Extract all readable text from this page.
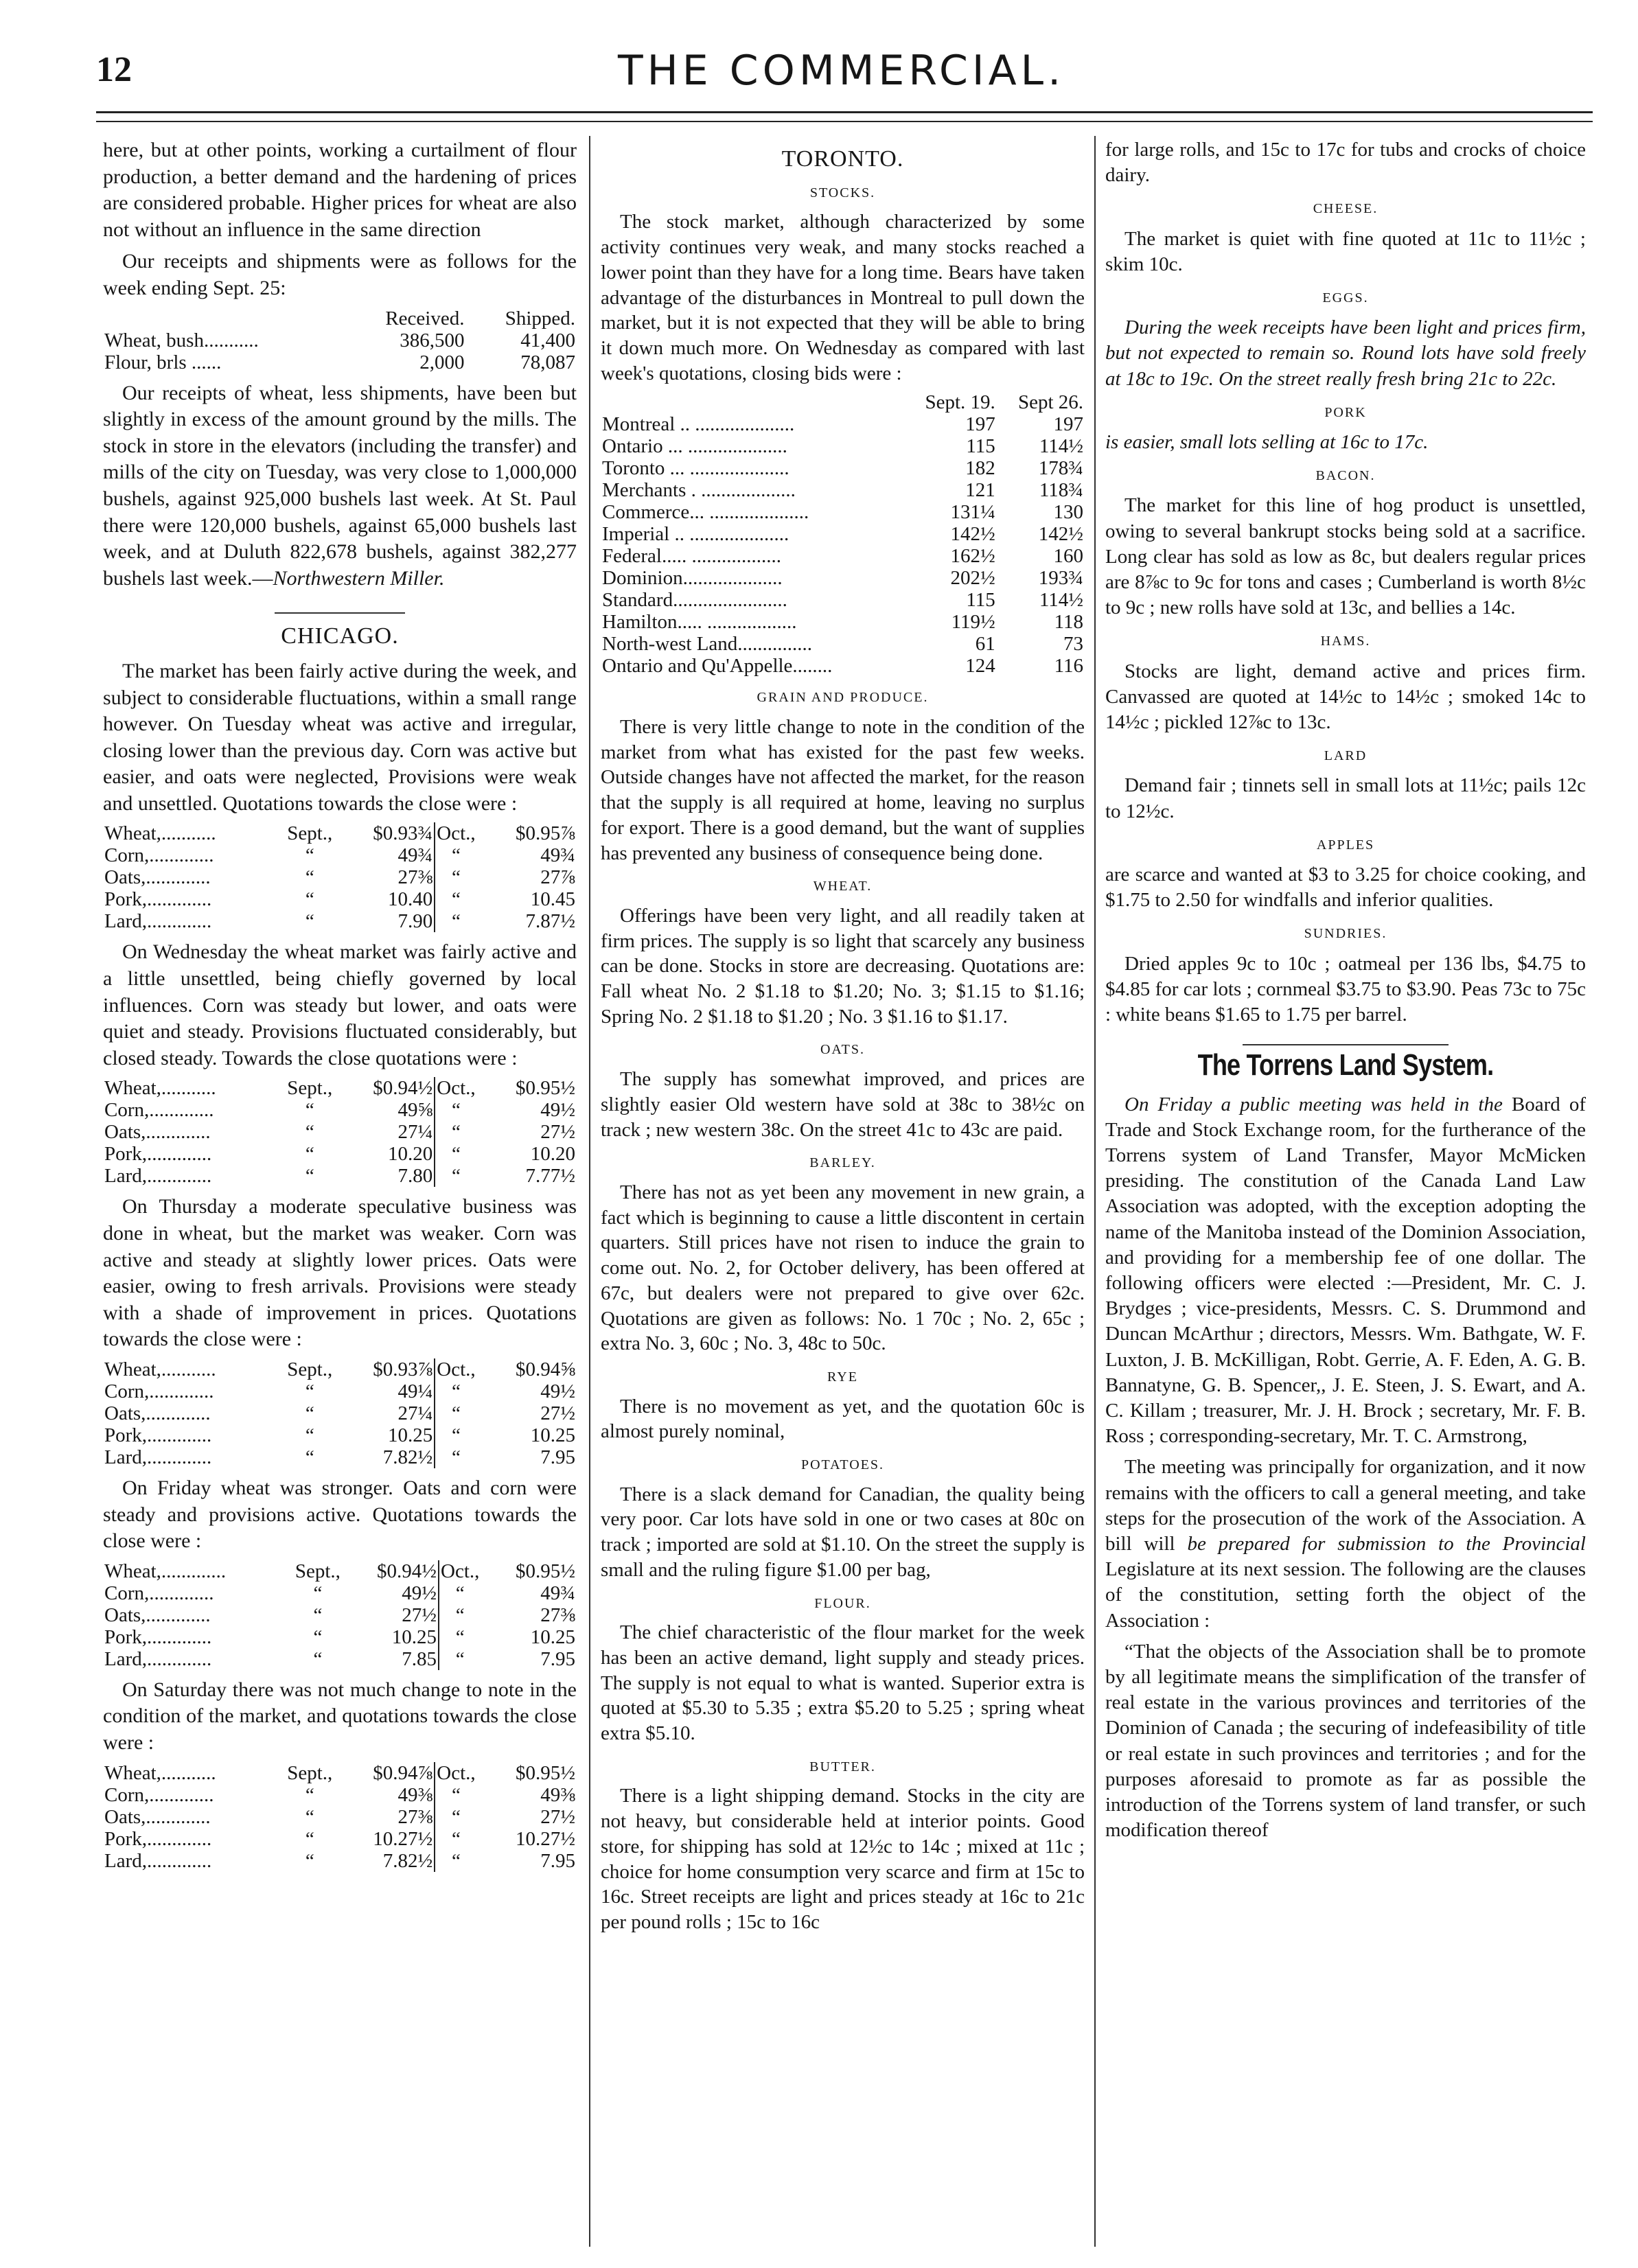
12	THE COMMERCIAL.

here, but at other points, working a curtailment of flour production, a better demand and the hardening of prices are considered probable. Higher prices for wheat are also not without an influence in the same direction

Our receipts and shipments were as follows for the week ending Sept. 25:

	Received.	Shipped.
Wheat, bush...........	386,500	41,400
Flour, brls ......	2,000	78,087

Our receipts of wheat, less shipments, have been but slightly in excess of the amount ground by the mills. The stock in store in the elevators (including the transfer) and mills of the city on Tuesday, was very close to 1,000,000 bushels, against 925,000 bushels last week. At St. Paul there were 120,000 bushels, against 65,000 bushels last week, and at Duluth 822,678 bushels, against 382,277 bushels last week.—Northwestern Miller.

CHICAGO.

The market has been fairly active during the week, and subject to considerable fluctuations, within a small range however. On Tuesday wheat was active and irregular, closing lower than the previous day. Corn was active but easier, and oats were neglected, Provisions were weak and unsettled. Quotations towards the close were :

Wheat,...........	Sept.,	$0.93¾	Oct.,	$0.95⅞
Corn,.............	“	49¾	“	49¾
Oats,.............	“	27⅜	“	27⅞
Pork,.............	“	10.40	“	10.45
Lard,.............	“	7.90	“	7.87½

On Wednesday the wheat market was fairly active and a little unsettled, being chiefly governed by local influences. Corn was steady but lower, and oats were quiet and steady. Provisions fluctuated considerably, but closed steady. Towards the close quotations were :

Wheat,...........	Sept.,	$0.94½	Oct.,	$0.95½
Corn,.............	“	49⅝	“	49½
Oats,.............	“	27¼	“	27½
Pork,.............	“	10.20	“	10.20
Lard,.............	“	7.80	“	7.77½

On Thursday a moderate speculative business was done in wheat, but the market was weaker. Corn was active and steady at slightly lower prices. Oats were easier, owing to fresh arrivals. Provisions were steady with a shade of improvement in prices. Quotations towards the close were :

Wheat,...........	Sept.,	$0.93⅞	Oct.,	$0.94⅝
Corn,.............	“	49¼	“	49½
Oats,.............	“	27¼	“	27½
Pork,.............	“	10.25	“	10.25
Lard,.............	“	7.82½	“	7.95

On Friday wheat was stronger. Oats and corn were steady and provisions active. Quotations towards the close were :

Wheat,.............	Sept.,	$0.94½	Oct.,	$0.95½
Corn,.............	“	49½	“	49¾
Oats,.............	“	27½	“	27⅜
Pork,.............	“	10.25	“	10.25
Lard,.............	“	7.85	“	7.95

On Saturday there was not much change to note in the condition of the market, and quotations towards the close were :

Wheat,...........	Sept.,	$0.94⅞	Oct.,	$0.95½
Corn,.............	“	49⅜	“	49⅜
Oats,.............	“	27⅜	“	27½
Pork,.............	“	10.27½	“	10.27½
Lard,.............	“	7.82½	“	7.95
TORONTO.
STOCKS.

The stock market, although characterized by some activity continues very weak, and many stocks reached a lower point than they have for a long time. Bears have taken advantage of the disturbances in Montreal to pull down the market, but it is not expected that they will be able to bring it down much more. On Wednesday as compared with last week's quotations, closing bids were :

	Sept. 19.	Sept 26.
Montreal .. ....................	197	197
Ontario ... ....................	115	114½
Toronto ... ....................	182	178¾
Merchants . ...................	121	118¾
Commerce... ....................	131¼	130
Imperial .. ....................	142½	142½
Federal..... ..................	162½	160
Dominion....................	202½	193¾
Standard.......................	115	114½
Hamilton..... ..................	119½	118
North-west Land...............	61	73
Ontario and Qu'Appelle........	124	116
GRAIN AND PRODUCE.

There is very little change to note in the condition of the market from what has existed for the past few weeks. Outside changes have not affected the market, for the reason that the supply is all required at home, leaving no surplus for export. There is a good demand, but the want of supplies has prevented any business of consequence being done.

WHEAT.

Offerings have been very light, and all readily taken at firm prices. The supply is so light that scarcely any business can be done. Stocks in store are decreasing. Quotations are: Fall wheat No. 2 $1.18 to $1.20; No. 3; $1.15 to $1.16; Spring No. 2 $1.18 to $1.20 ; No. 3 $1.16 to $1.17.

OATS.

The supply has somewhat improved, and prices are slightly easier Old western have sold at 38c to 38½c on track ; new western 38c. On the street 41c to 43c are paid.

BARLEY.

There has not as yet been any movement in new grain, a fact which is beginning to cause a little discontent in certain quarters. Still prices have not risen to induce the grain to come out. No. 2, for October delivery, has been offered at 67c, but dealers were not prepared to give over 62c. Quotations are given as follows: No. 1 70c ; No. 2, 65c ; extra No. 3, 60c ; No. 3, 48c to 50c.

RYE

There is no movement as yet, and the quotation 60c is almost purely nominal,

POTATOES.

There is a slack demand for Canadian, the quality being very poor. Car lots have sold in one or two cases at 80c on track ; imported are sold at $1.10. On the street the supply is small and the ruling figure $1.00 per bag,

FLOUR.

The chief characteristic of the flour market for the week has been an active demand, light supply and steady prices. The supply is not equal to what is wanted. Superior extra is quoted at $5.30 to 5.35 ; extra $5.20 to 5.25 ; spring wheat extra $5.10.

BUTTER.

There is a light shipping demand. Stocks in the city are not heavy, but considerable held at interior points. Good store, for shipping has sold at 12½c to 14c ; mixed at 11c ; choice for home consumption very scarce and firm at 15c to 16c. Street receipts are light and prices steady at 16c to 21c per pound rolls ; 15c to 16c

for large rolls, and 15c to 17c for tubs and crocks of choice dairy.

CHEESE.

The market is quiet with fine quoted at 11c to 11½c ; skim 10c.

EGGS.

During the week receipts have been light and prices firm, but not expected to remain so. Round lots have sold freely at 18c to 19c. On the street really fresh bring 21c to 22c.

PORK

is easier, small lots selling at 16c to 17c.

BACON.

The market for this line of hog product is unsettled, owing to several bankrupt stocks being sold at a sacrifice. Long clear has sold as low as 8c, but dealers regular prices are 8⅞c to 9c for tons and cases ; Cumberland is worth 8½c to 9c ; new rolls have sold at 13c, and bellies a 14c.

HAMS.

Stocks are light, demand active and prices firm. Canvassed are quoted at 14½c to 14½c ; smoked 14c to 14½c ; pickled 12⅞c to 13c.

LARD

Demand fair ; tinnets sell in small lots at 11½c; pails 12c to 12½c.

APPLES

are scarce and wanted at $3 to 3.25 for choice cooking, and $1.75 to 2.50 for windfalls and inferior qualities.

SUNDRIES.

Dried apples 9c to 10c ; oatmeal per 136 lbs, $4.75 to $4.85 for car lots ; cornmeal $3.75 to $3.90. Peas 73c to 75c : white beans $1.65 to 1.75 per barrel.

The Torrens Land System.

On Friday a public meeting was held in the Board of Trade and Stock Exchange room, for the furtherance of the Torrens system of Land Transfer, Mayor McMicken presiding. The constitution of the Canada Land Law Association was adopted, with the exception adopting the name of the Manitoba instead of the Dominion Association, and providing for a membership fee of one dollar. The following officers were elected :—President, Mr. C. J. Brydges ; vice-presidents, Messrs. C. S. Drummond and Duncan McArthur ; directors, Messrs. Wm. Bathgate, W. F. Luxton, J. B. McKilligan, Robt. Gerrie, A. F. Eden, A. G. B. Bannatyne, G. B. Spencer,, J. E. Steen, J. S. Ewart, and A. C. Killam ; treasurer, Mr. J. H. Brock ; secretary, Mr. F. B. Ross ; corresponding-secretary, Mr. T. C. Armstrong,

The meeting was principally for organization, and it now remains with the officers to call a general meeting, and take steps for the prosecution of the work of the Association. A bill will be prepared for submission to the Provincial Legislature at its next session. The following are the clauses of the constitution, setting forth the object of the Association :

“That the objects of the Association shall be to promote by all legitimate means the simplification of the transfer of real estate in the various provinces and territories of the Dominion of Canada ; the securing of indefeasibility of title or real estate in such provinces and territories ; and for the purposes aforesaid to promote as far as possible the introduction of the Torrens system of land transfer, or such modification thereof
